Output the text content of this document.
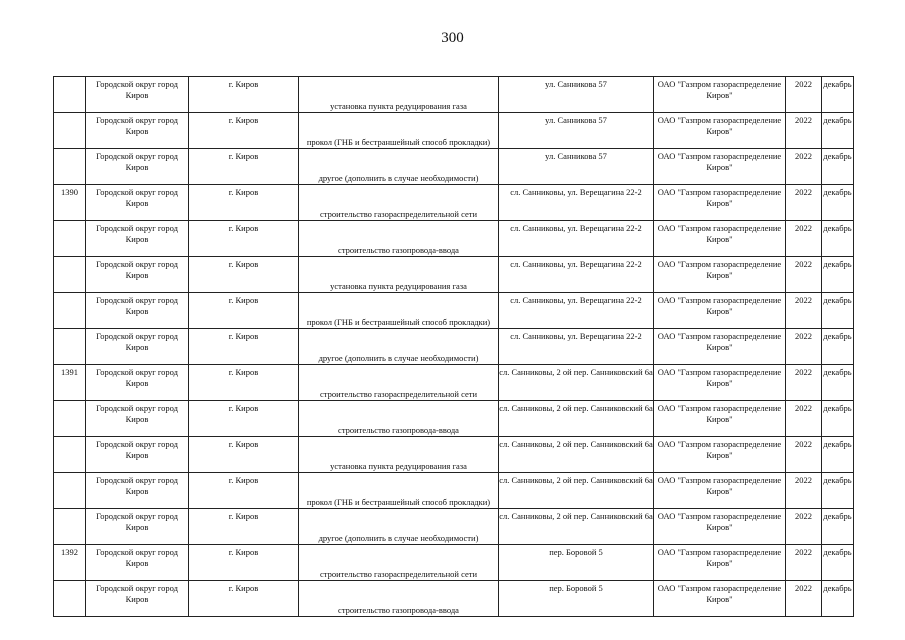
300
	Городской округ город Киров	г. Киров	установка пункта редуцирования газа	ул. Санникова 57	ОАО "Газпром газораспределение Киров"	2022	декабрь
	Городской округ город Киров	г. Киров	прокол (ГНБ и бестраншейный способ прокладки)	ул. Санникова 57	ОАО "Газпром газораспределение Киров"	2022	декабрь
	Городской округ город Киров	г. Киров	другое (дополнить в случае необходимости)	ул. Санникова 57	ОАО "Газпром газораспределение Киров"	2022	декабрь
1390	Городской округ город Киров	г. Киров	строительство газораспределительной сети	сл. Санниковы, ул. Верещагина 22-2	ОАО "Газпром газораспределение Киров"	2022	декабрь
	Городской округ город Киров	г. Киров	строительство газопровода-ввода	сл. Санниковы, ул. Верещагина 22-2	ОАО "Газпром газораспределение Киров"	2022	декабрь
	Городской округ город Киров	г. Киров	установка пункта редуцирования газа	сл. Санниковы, ул. Верещагина 22-2	ОАО "Газпром газораспределение Киров"	2022	декабрь
	Городской округ город Киров	г. Киров	прокол (ГНБ и бестраншейный способ прокладки)	сл. Санниковы, ул. Верещагина 22-2	ОАО "Газпром газораспределение Киров"	2022	декабрь
	Городской округ город Киров	г. Киров	другое (дополнить в случае необходимости)	сл. Санниковы, ул. Верещагина 22-2	ОАО "Газпром газораспределение Киров"	2022	декабрь
1391	Городской округ город Киров	г. Киров	строительство газораспределительной сети	сл. Санниковы, 2 ой пер. Санниковский 6а	ОАО "Газпром газораспределение Киров"	2022	декабрь
	Городской округ город Киров	г. Киров	строительство газопровода-ввода	сл. Санниковы, 2 ой пер. Санниковский 6а	ОАО "Газпром газораспределение Киров"	2022	декабрь
	Городской округ город Киров	г. Киров	установка пункта редуцирования газа	сл. Санниковы, 2 ой пер. Санниковский 6а	ОАО "Газпром газораспределение Киров"	2022	декабрь
	Городской округ город Киров	г. Киров	прокол (ГНБ и бестраншейный способ прокладки)	сл. Санниковы, 2 ой пер. Санниковский 6а	ОАО "Газпром газораспределение Киров"	2022	декабрь
	Городской округ город Киров	г. Киров	другое (дополнить в случае необходимости)	сл. Санниковы, 2 ой пер. Санниковский 6а	ОАО "Газпром газораспределение Киров"	2022	декабрь
1392	Городской округ город Киров	г. Киров	строительство газораспределительной сети	пер. Боровой 5	ОАО "Газпром газораспределение Киров"	2022	декабрь
	Городской округ город Киров	г. Киров	строительство газопровода-ввода	пер. Боровой 5	ОАО "Газпром газораспределение Киров"	2022	декабрь
